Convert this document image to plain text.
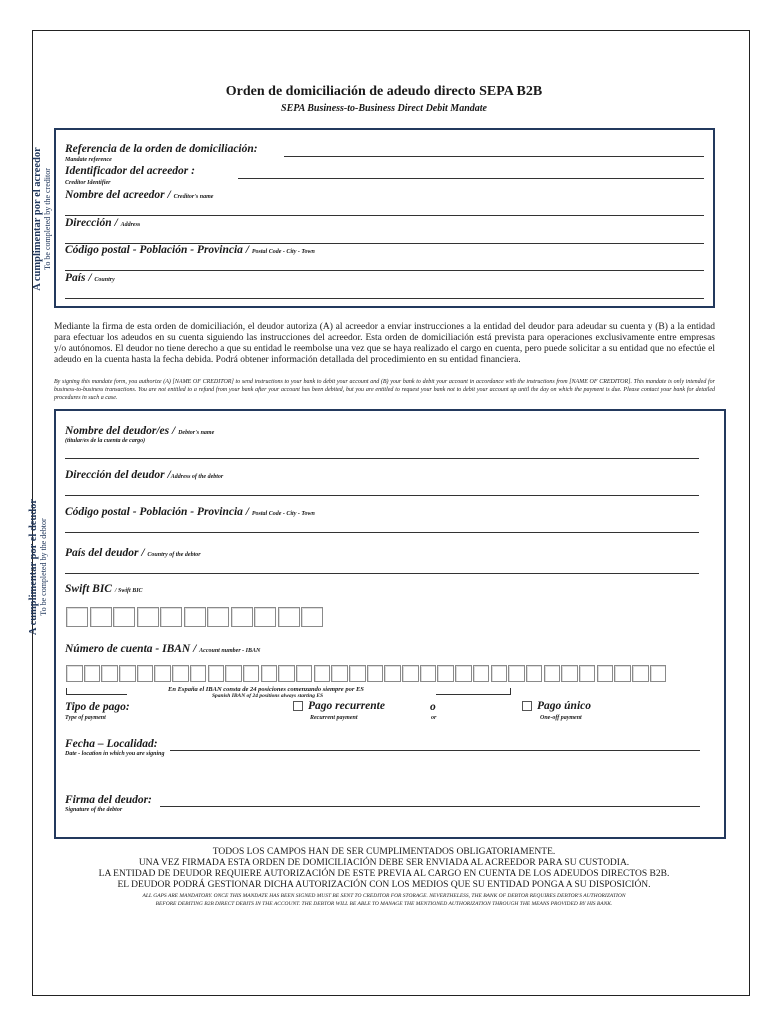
Orden de domiciliación de adeudo directo SEPA B2B
SEPA Business-to-Business Direct Debit Mandate
A cumplimentar por el acreedor To be completed by the creditor
Referencia de la orden de domiciliación:
Mandate reference
Identificador del acreedor :
Creditor Identifier
Nombre del acreedor / Creditor's name
Dirección / Address
Código postal - Población - Provincia / Postal Code - City - Town
País / Country
Mediante la firma de esta orden de domiciliación, el deudor autoriza (A) al acreedor a enviar instrucciones a la entidad del deudor para adeudar su cuenta y (B) a la entidad para efectuar los adeudos en su cuenta siguiendo las instrucciones del acreedor. Esta orden de domiciliación está prevista para operaciones exclusivamente entre empresas y/o autónomos. El deudor no tiene derecho a que su entidad le reembolse una vez que se haya realizado el cargo en cuenta, pero puede solicitar a su entidad que no efectúe el adeudo en la cuenta hasta la fecha debida. Podrá obtener información detallada del procedimiento en su entidad financiera.
By signing this mandate form, you authorize (A) [NAME OF CREDITOR] to send instructions to your bank to debit your account and (B) your bank to debit your account in accordance with the instructions from [NAME OF CREDITOR]. This mandate is only intended for business-to-business transactions. You are not entitled to a refund from your bank after your account has been debited, but you are entitled to request your bank not to debit your account up until the day on which the payment is due. Please contact your bank for detailed procedures in such a case.
A cumplimentar por el deudor To be completed by the debtor
Nombre del deudor/es / Debtor's name
(titular/es de la cuenta de cargo)
Dirección del deudor /Address of the debtor
Código postal - Población - Provincia / Postal Code - City - Town
País del deudor / Country of the debtor
Swift BIC / Swift BIC
Número de cuenta - IBAN / Account number - IBAN
En España el IBAN consta de 24 posiciones comenzando siempre por ES
Spanish IBAN of 24 positions always starting ES
Tipo de pago:
Type of payment
Pago recurrente
Recurrent payment
o
or
Pago único
One-off payment
Fecha – Localidad:
Date - location in which you are signing
Firma del deudor:
Signature of the debtor
TODOS LOS CAMPOS HAN DE SER CUMPLIMENTADOS OBLIGATORIAMENTE.
UNA VEZ FIRMADA ESTA ORDEN DE DOMICILIACIÓN DEBE SER ENVIADA AL ACREEDOR PARA SU CUSTODIA.
LA ENTIDAD DE DEUDOR REQUIERE AUTORIZACIÓN DE ESTE PREVIA AL CARGO EN CUENTA DE LOS ADEUDOS DIRECTOS B2B.
EL DEUDOR PODRÁ GESTIONAR DICHA AUTORIZACIÓN CON LOS MEDIOS QUE SU ENTIDAD PONGA A SU DISPOSICIÓN.
ALL GAPS ARE MANDATORY. ONCE THIS MANDATE HAS BEEN SIGNED MUST BE SENT TO CREDITOR FOR STORAGE. NEVERTHELESS, THE BANK OF DEBTOR REQUIRES DEBTOR'S AUTHORIZATION
BEFORE DEBITING B2B DIRECT DEBITS IN THE ACCOUNT. THE DEBTOR WILL BE ABLE TO MANAGE THE MENTIONED AUTHORIZATION THROUGH THE MEANS PROVIDED BY HIS BANK.
